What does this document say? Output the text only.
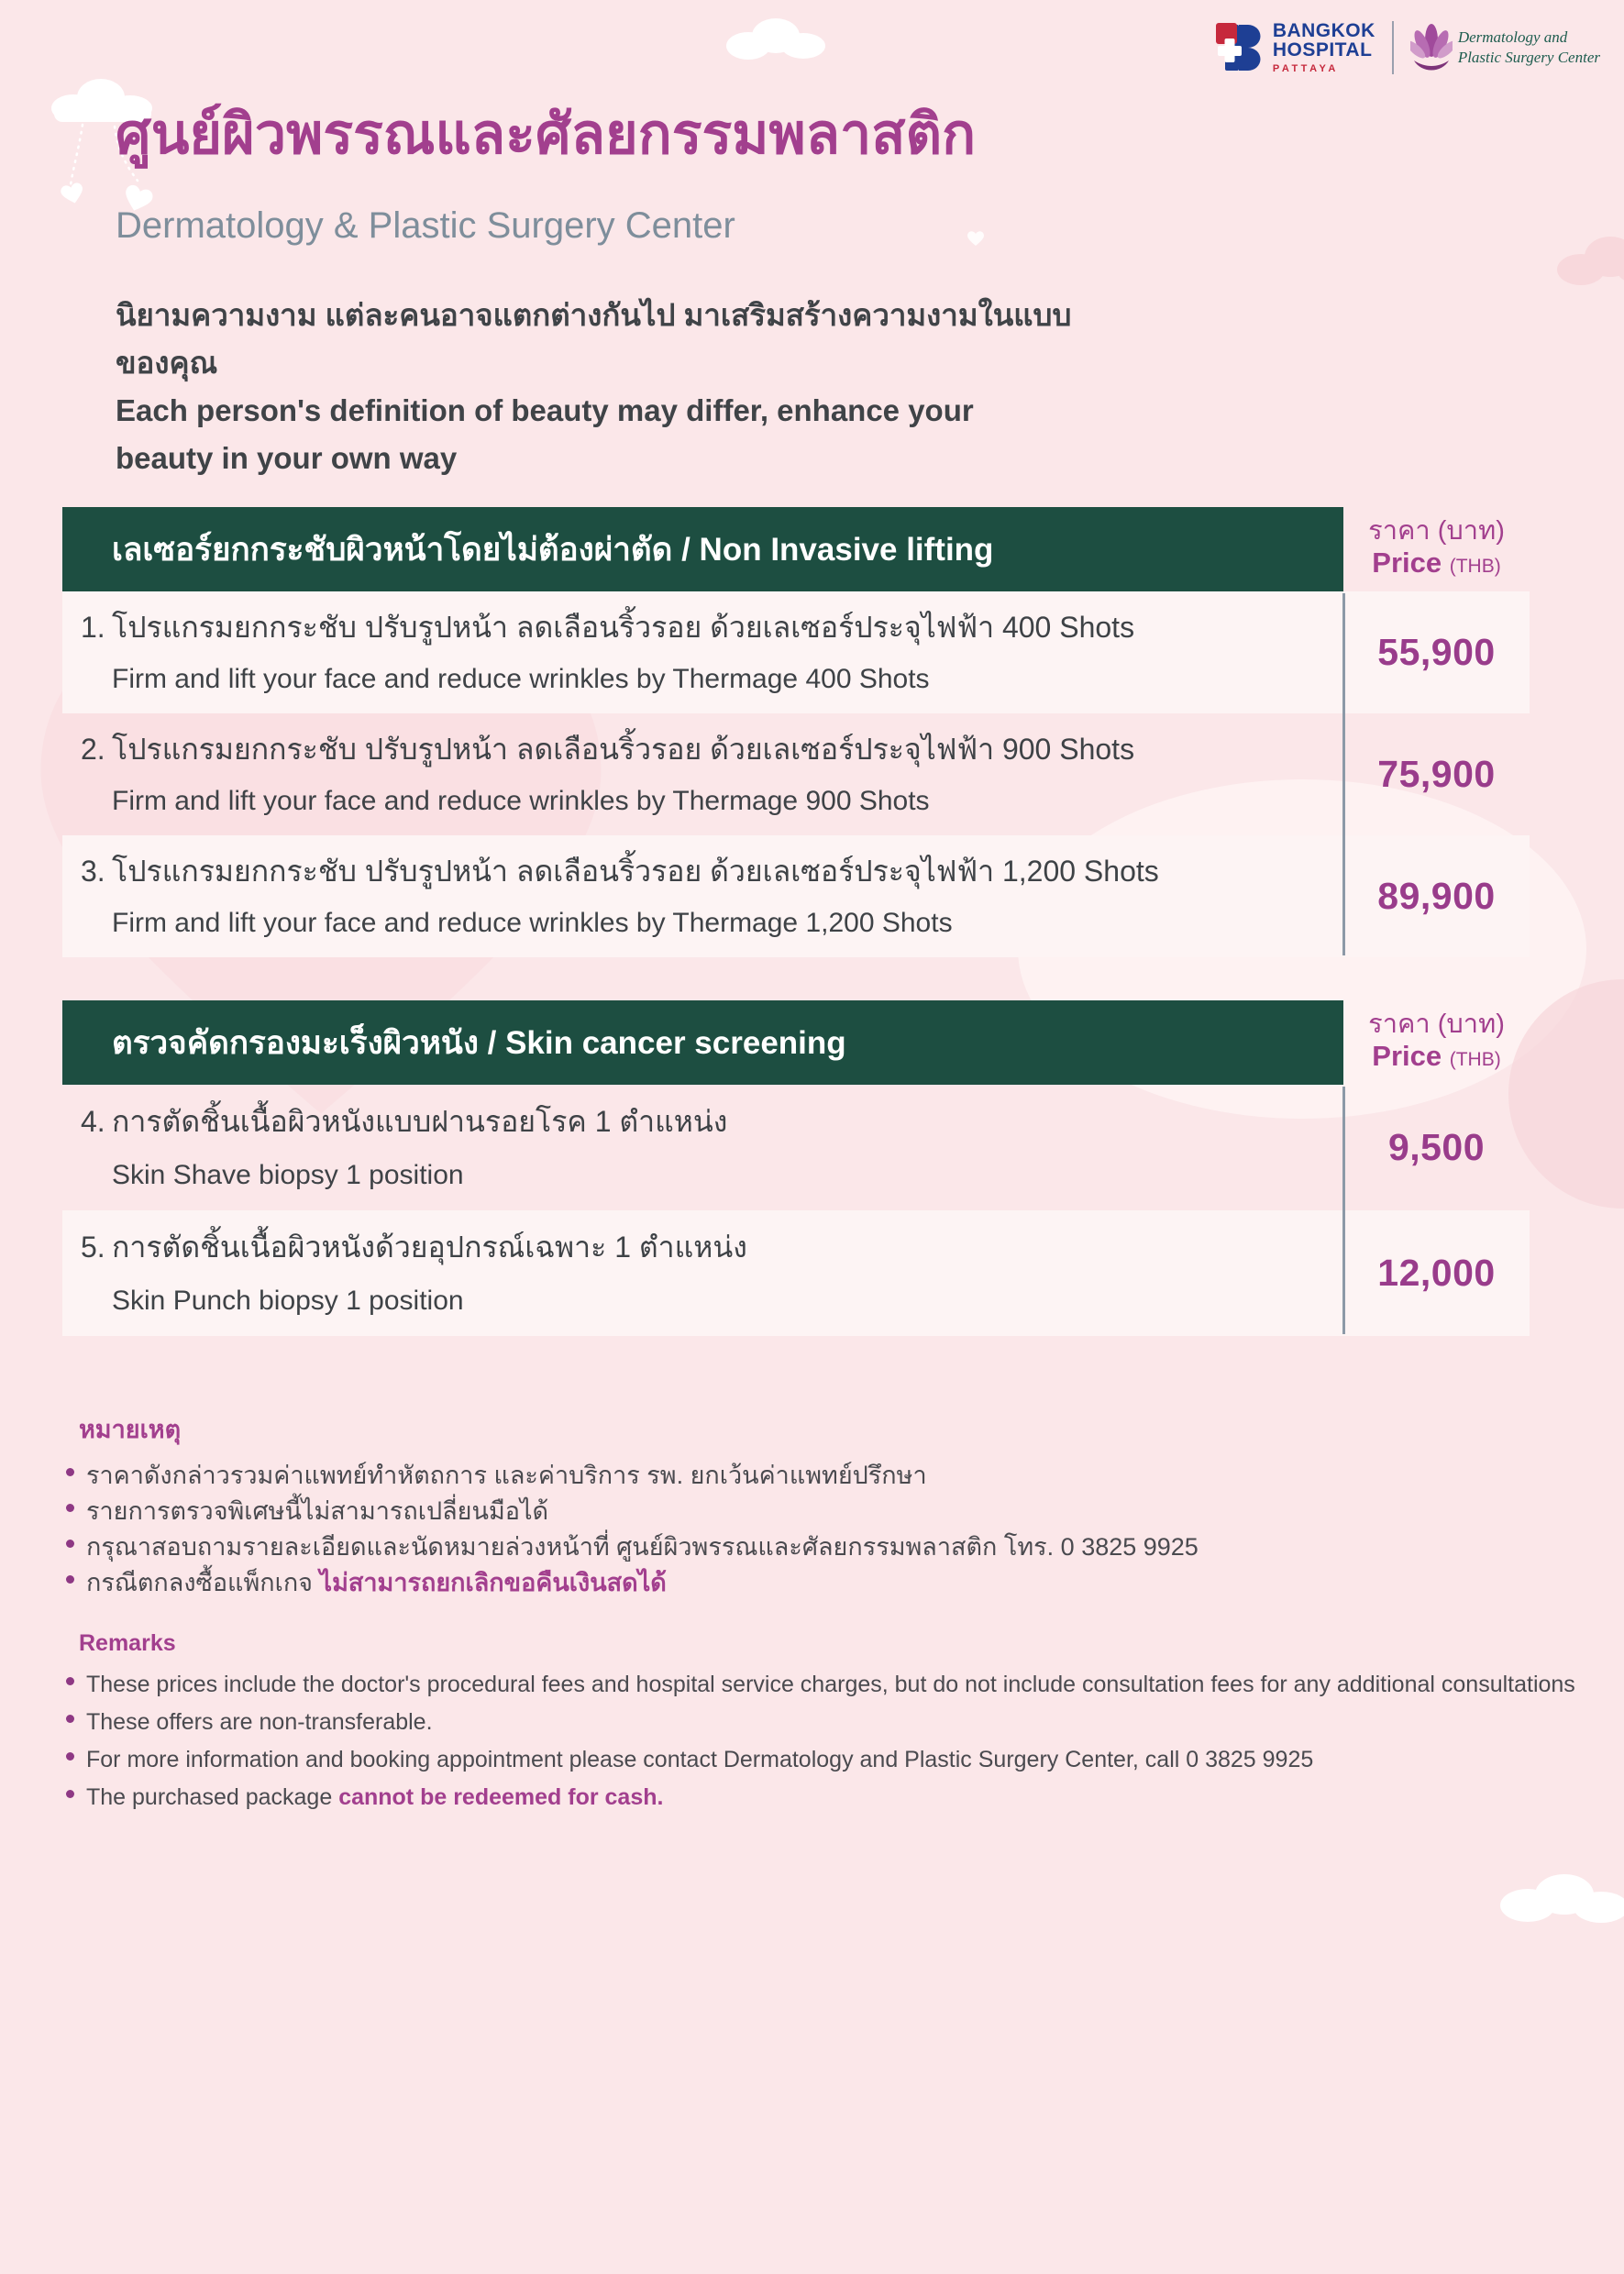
BANGKOK
HOSPITAL
PATTAYA
Dermatology and
Plastic Surgery Center
ศูนย์ผิวพรรณและศัลยกรรมพลาสติก
Dermatology & Plastic Surgery Center
นิยามความงาม แต่ละคนอาจแตกต่างกันไป มาเสริมสร้างความงามในแบบของคุณ
Each person's definition of beauty may differ, enhance your beauty in your own way
เลเซอร์ยกกระชับผิวหน้าโดยไม่ต้องผ่าตัด / Non Invasive lifting
ราคา (บาท)
Price (THB)
1. โปรแกรมยกกระชับ ปรับรูปหน้า ลดเลือนริ้วรอย ด้วยเลเซอร์ประจุไฟฟ้า 400 Shots
Firm and lift your face and reduce wrinkles by Thermage 400 Shots
55,900
2. โปรแกรมยกกระชับ ปรับรูปหน้า ลดเลือนริ้วรอย ด้วยเลเซอร์ประจุไฟฟ้า 900 Shots
Firm and lift your face and reduce wrinkles by Thermage 900 Shots
75,900
3. โปรแกรมยกกระชับ ปรับรูปหน้า ลดเลือนริ้วรอย ด้วยเลเซอร์ประจุไฟฟ้า 1,200 Shots
Firm and lift your face and reduce wrinkles by Thermage 1,200 Shots
89,900
ตรวจคัดกรองมะเร็งผิวหนัง / Skin cancer screening
ราคา (บาท)
Price (THB)
4. การตัดชิ้นเนื้อผิวหนังแบบฝานรอยโรค 1 ตำแหน่ง
Skin Shave biopsy 1 position
9,500
5. การตัดชิ้นเนื้อผิวหนังด้วยอุปกรณ์เฉพาะ 1 ตำแหน่ง
Skin Punch biopsy 1 position
12,000
หมายเหตุ
ราคาดังกล่าวรวมค่าแพทย์ทำหัตถการ และค่าบริการ รพ. ยกเว้นค่าแพทย์ปรึกษา
รายการตรวจพิเศษนี้ไม่สามารถเปลี่ยนมือได้
กรุณาสอบถามรายละเอียดและนัดหมายล่วงหน้าที่ ศูนย์ผิวพรรณและศัลยกรรมพลาสติก โทร. 0 3825 9925
กรณีตกลงซื้อแพ็กเกจ ไม่สามารถยกเลิกขอคืนเงินสดได้
Remarks
These prices include the doctor's procedural fees and hospital service charges, but do not include consultation fees for any additional consultations
These offers are non-transferable.
For more information and booking appointment please contact Dermatology and Plastic Surgery Center, call 0 3825 9925
The purchased package cannot be redeemed for cash.
